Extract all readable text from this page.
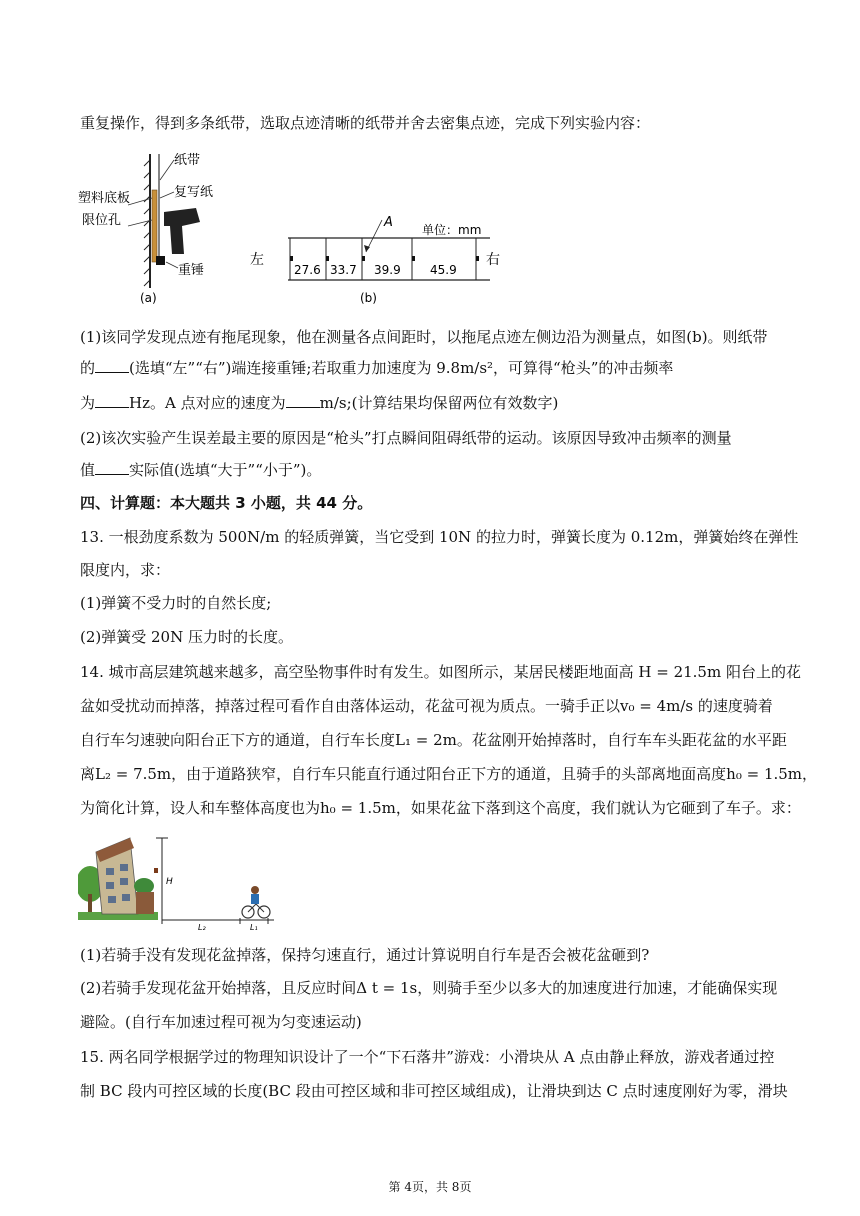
重复操作，得到多条纸带，选取点迹清晰的纸带并舍去密集点迹，完成下列实验内容：
纸带
塑料底板	复写纸
限位孔
重锤
(a)
A 单位：mm
左	右
27.6 33.7 39.9 45.9
(b)
(1)该同学发现点迹有拖尾现象，他在测量各点间距时，以拖尾点迹左侧边沿为测量点，如图(b)。则纸带
的 (选填“左”“右”)端连接重锤;若取重力加速度为 9.8m/s²，可算得“枪头”的冲击频率
为 Hz。A 点对应的速度为 m/s;(计算结果均保留两位有效数字)
(2)该次实验产生误差最主要的原因是“枪头”打点瞬间阻碍纸带的运动。该原因导致冲击频率的测量
值 实际值(选填“大于”“小于”)。
四、计算题：本大题共 3 小题，共 44 分。
13. 一根劲度系数为 500N/m 的轻质弹簧，当它受到 10N 的拉力时，弹簧长度为 0.12m，弹簧始终在弹性
限度内，求：
(1)弹簧不受力时的自然长度;
(2)弹簧受 20N 压力时的长度。
14. 城市高层建筑越来越多，高空坠物事件时有发生。如图所示，某居民楼距地面高 H = 21.5m 阳台上的花
盆如受扰动而掉落，掉落过程可看作自由落体运动，花盆可视为质点。一骑手正以v₀ = 4m/s 的速度骑着
自行车匀速驶向阳台正下方的通道，自行车长度L₁ = 2m。花盆刚开始掉落时，自行车车头距花盆的水平距
离L₂ = 7.5m，由于道路狭窄，自行车只能直行通过阳台正下方的通道，且骑手的头部离地面高度h₀ = 1.5m，
为简化计算，设人和车整体高度也为h₀ = 1.5m，如果花盆下落到这个高度，我们就认为它砸到了车子。求：
H
L₂	L₁
(1)若骑手没有发现花盆掉落，保持匀速直行，通过计算说明自行车是否会被花盆砸到?
(2)若骑手发现花盆开始掉落，且反应时间Δ t = 1s，则骑手至少以多大的加速度进行加速，才能确保实现
避险。(自行车加速过程可视为匀变速运动)
15. 两名同学根据学过的物理知识设计了一个“下石落井”游戏：小滑块从 A 点由静止释放，游戏者通过控
制 BC 段内可控区域的长度(BC 段由可控区域和非可控区域组成)，让滑块到达 C 点时速度刚好为零，滑块
第 4页，共 8页
